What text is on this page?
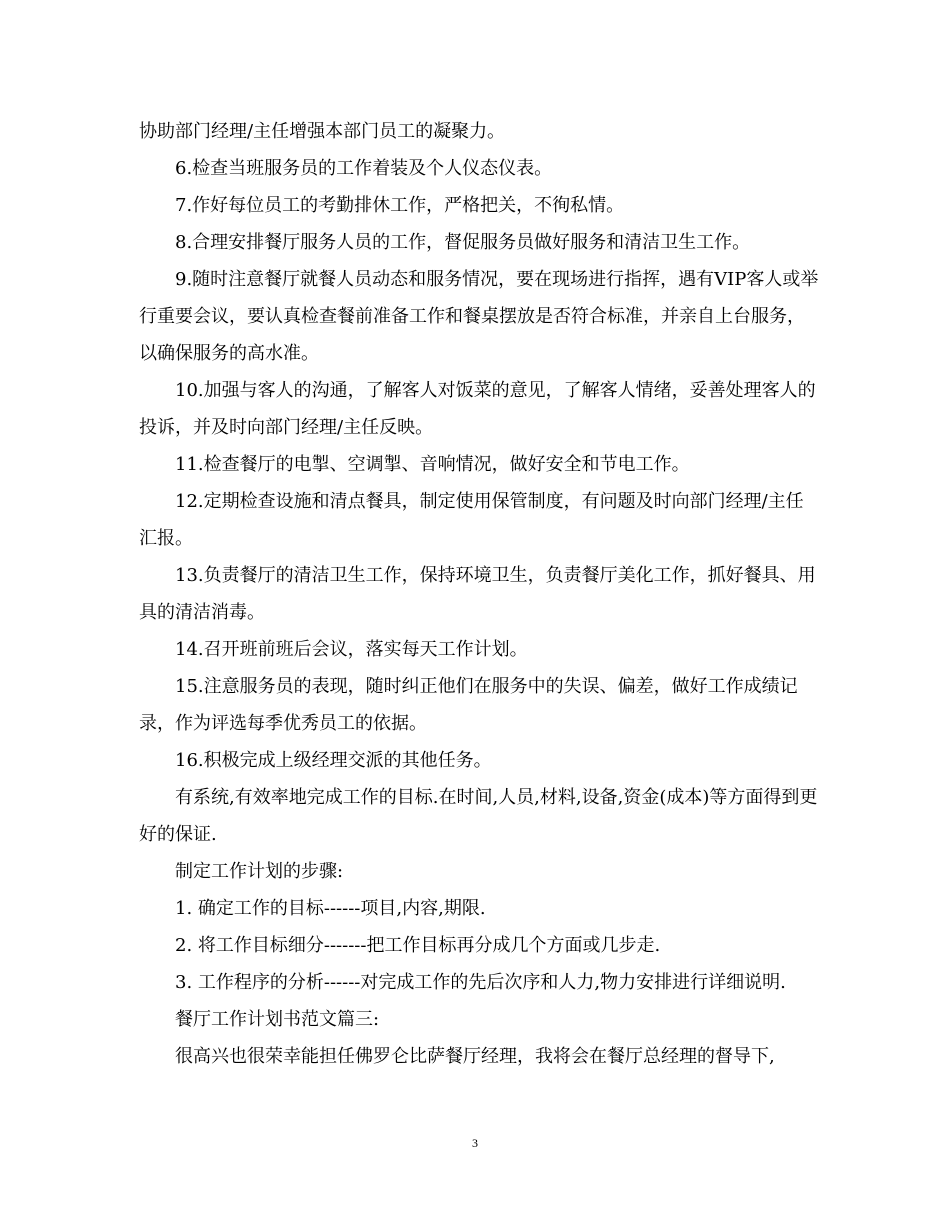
协助部门经理/主任增强本部门员工的凝聚力。

6.检查当班服务员的工作着装及个人仪态仪表。

7.作好每位员工的考勤排休工作，严格把关，不徇私情。

8.合理安排餐厅服务人员的工作，督促服务员做好服务和清洁卫生工作。

9.随时注意餐厅就餐人员动态和服务情况，要在现场进行指挥，遇有VIP客人或举行重要会议，要认真检查餐前准备工作和餐桌摆放是否符合标准，并亲自上台服务，以确保服务的高水准。

10.加强与客人的沟通，了解客人对饭菜的意见，了解客人情绪，妥善处理客人的投诉，并及时向部门经理/主任反映。

11.检查餐厅的电掣、空调掣、音响情况，做好安全和节电工作。

12.定期检查设施和清点餐具，制定使用保管制度，有问题及时向部门经理/主任汇报。

13.负责餐厅的清洁卫生工作，保持环境卫生，负责餐厅美化工作，抓好餐具、用具的清洁消毒。

14.召开班前班后会议，落实每天工作计划。

15.注意服务员的表现，随时纠正他们在服务中的失误、偏差，做好工作成绩记录，作为评选每季优秀员工的依据。

16.积极完成上级经理交派的其他任务。

有系统,有效率地完成工作的目标.在时间,人员,材料,设备,资金(成本)等方面得到更好的保证.

制定工作计划的步骤:

1. 确定工作的目标------项目,内容,期限.

2. 将工作目标细分-------把工作目标再分成几个方面或几步走.

3. 工作程序的分析------对完成工作的先后次序和人力,物力安排进行详细说明.

餐厅工作计划书范文篇三:

很高兴也很荣幸能担任佛罗仑比萨餐厅经理，我将会在餐厅总经理的督导下,

3
